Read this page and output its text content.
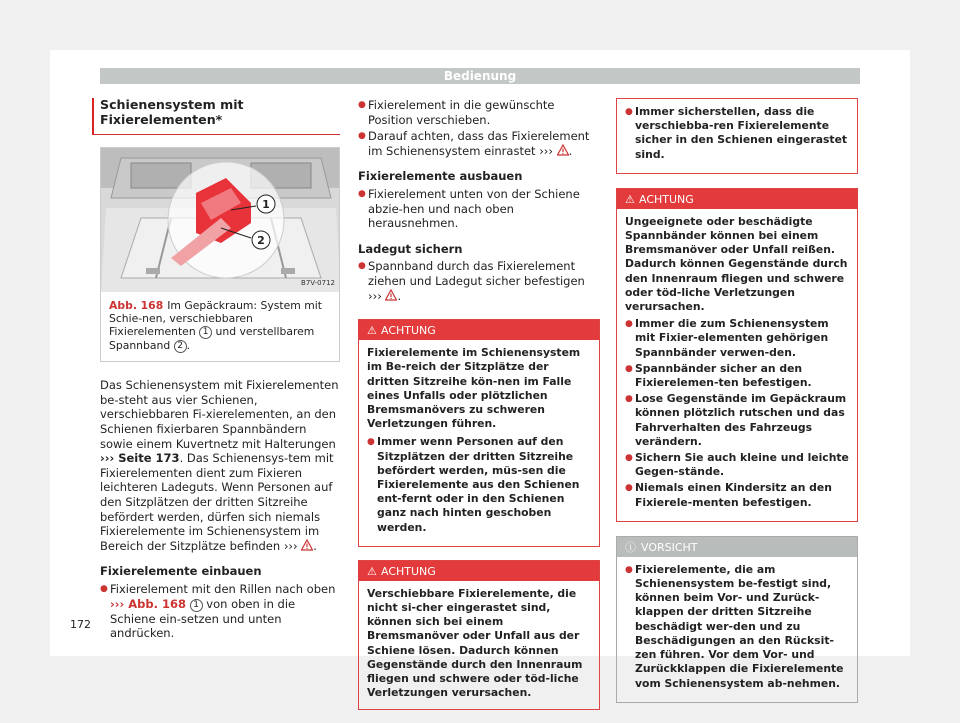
Bedienung
Schienensystem mit Fixierelementen*
1
2
B7V-0712
Abb. 168 Im Gepäckraum: System mit Schie-nen, verschiebbaren Fixierelementen 1 und verstellbarem Spannband 2 .

Das Schienensystem mit Fixierelementen be-steht aus vier Schienen, verschiebbaren Fi-xierelementen, an den Schienen fixierbaren Spannbändern sowie einem Kuvertnetz mit Halterungen ››› Seite 173. Das Schienensys-tem mit Fixierelementen dient zum Fixieren leichteren Ladeguts. Wenn Personen auf den Sitzplätzen der dritten Sitzreihe befördert werden, dürfen sich niemals Fixierelemente im Schienensystem im Bereich der Sitzplätze befinden ››› .

Fixierelemente einbauen
● Fixierelement mit den Rillen nach oben
››› Abb. 168 1 von oben in die Schiene ein-setzen und unten andrücken.
● Fixierelement in die gewünschte Position verschieben.
● Darauf achten, dass das Fixierelement im Schienensystem einrastet ››› .
Fixierelemente ausbauen
● Fixierelement unten von der Schiene abzie-hen und nach oben herausnehmen.
Ladegut sichern
● Spannband durch das Fixierelement ziehen und Ladegut sicher befestigen ››› .
⚠ ACHTUNG
Fixierelemente im Schienensystem im Be-reich der Sitzplätze der dritten Sitzreihe kön-nen im Falle eines Unfalls oder plötzlichen Bremsmanövers zu schweren Verletzungen führen.
● Immer wenn Personen auf den Sitzplätzen der dritten Sitzreihe befördert werden, müs-sen die Fixierelemente aus den Schienen ent-fernt oder in den Schienen ganz nach hinten geschoben werden.
⚠ ACHTUNG
Verschiebbare Fixierelemente, die nicht si-cher eingerastet sind, können sich bei einem Bremsmanöver oder Unfall aus der Schiene lösen. Dadurch können Gegenstände durch den Innenraum fliegen und schwere oder töd-liche Verletzungen verursachen.
● Immer sicherstellen, dass die verschiebba-ren Fixierelemente sicher in den Schienen eingerastet sind.
⚠ ACHTUNG
Ungeeignete oder beschädigte Spannbänder können bei einem Bremsmanöver oder Unfall reißen. Dadurch können Gegenstände durch den Innenraum fliegen und schwere oder töd-liche Verletzungen verursachen.
● Immer die zum Schienensystem mit Fixier-elementen gehörigen Spannbänder verwen-den.
● Spannbänder sicher an den Fixierelemen-ten befestigen.
● Lose Gegenstände im Gepäckraum können plötzlich rutschen und das Fahrverhalten des Fahrzeugs verändern.
● Sichern Sie auch kleine und leichte Gegen-stände.
● Niemals einen Kindersitz an den Fixierele-menten befestigen.
ⓘ VORSICHT
● Fixierelemente, die am Schienensystem be-festigt sind, können beim Vor- und Zurück-klappen der dritten Sitzreihe beschädigt wer-den und zu Beschädigungen an den Rücksit-zen führen. Vor dem Vor- und Zurückklappen die Fixierelemente vom Schienensystem ab-nehmen.
172
